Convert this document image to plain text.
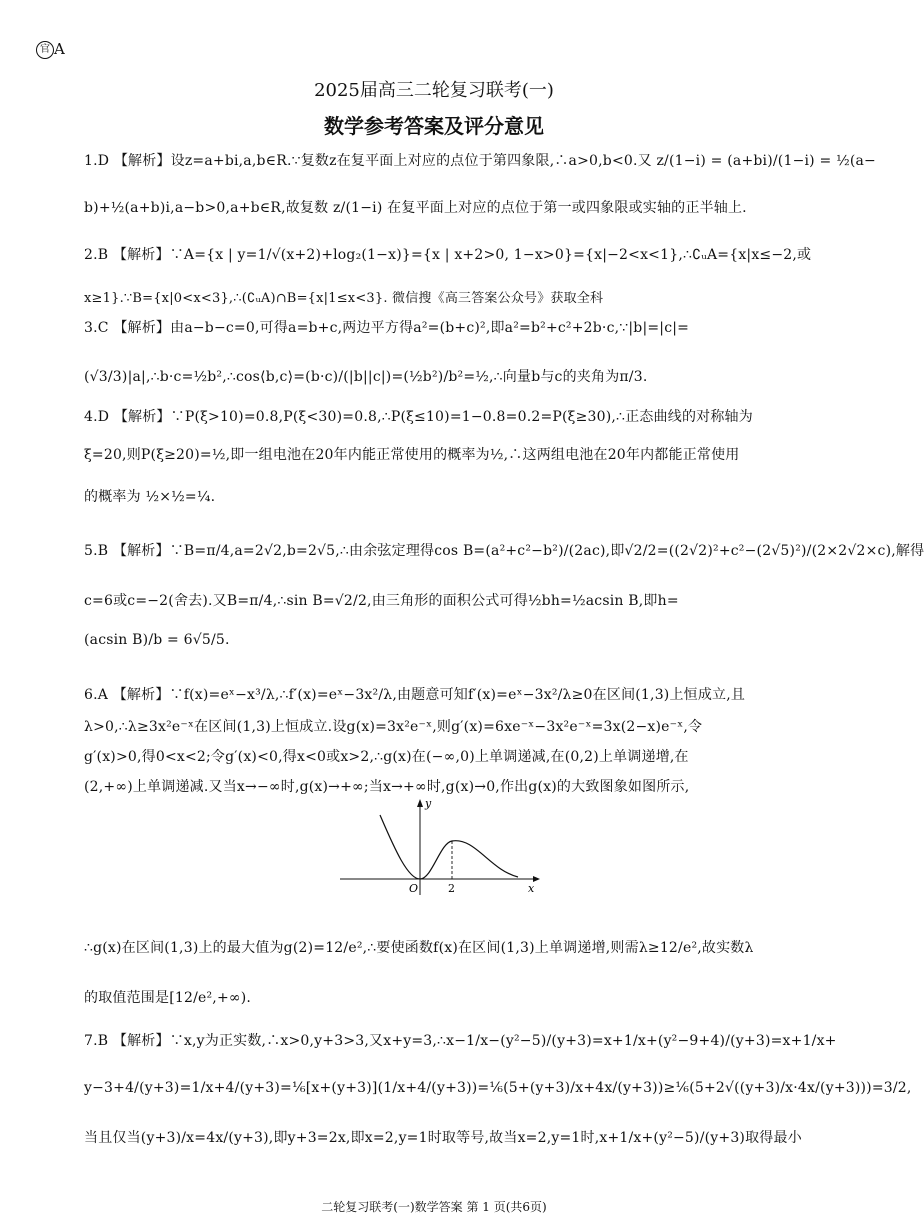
官 A
2025届高三二轮复习联考(一)
数学参考答案及评分意见
1.D 【解析】设z=a+bi,a,b∈R.∵复数z在复平面上对应的点位于第四象限,∴a>0,b<0.又 z/(1−i) = (a+bi)/(1−i) = ½(a−
b)+½(a+b)i,a−b>0,a+b∈R,故复数 z/(1−i) 在复平面上对应的点位于第一或四象限或实轴的正半轴上.
2.B 【解析】∵A={x | y=1/√(x+2)+log₂(1−x)}={x | x+2>0, 1−x>0}={x|−2<x<1},∴∁ᵤA={x|x≤−2,或
x≥1}.∵B={x|0<x<3},∴(∁ᵤA)∩B={x|1≤x<3}. 微信搜《高三答案公众号》获取全科
3.C 【解析】由a−b−c=0,可得a=b+c,两边平方得a²=(b+c)²,即a²=b²+c²+2b·c,∵|b|=|c|=
(√3/3)|a|,∴b·c=½b²,∴cos⟨b,c⟩=(b·c)/(|b||c|)=(½b²)/b²=½,∴向量b与c的夹角为π/3.
4.D 【解析】∵P(ξ>10)=0.8,P(ξ<30)=0.8,∴P(ξ≤10)=1−0.8=0.2=P(ξ≥30),∴正态曲线的对称轴为
ξ=20,则P(ξ≥20)=½,即一组电池在20年内能正常使用的概率为½,∴这两组电池在20年内都能正常使用
的概率为 ½×½=¼.
5.B 【解析】∵B=π/4,a=2√2,b=2√5,∴由余弦定理得cos B=(a²+c²−b²)/(2ac),即√2/2=((2√2)²+c²−(2√5)²)/(2×2√2×c),解得
c=6或c=−2(舍去).又B=π/4,∴sin B=√2/2,由三角形的面积公式可得½bh=½acsin B,即h=
(acsin B)/b = 6√5/5.
6.A 【解析】∵f(x)=eˣ−x³/λ,∴f′(x)=eˣ−3x²/λ,由题意可知f′(x)=eˣ−3x²/λ≥0在区间(1,3)上恒成立,且
λ>0,∴λ≥3x²e⁻ˣ在区间(1,3)上恒成立.设g(x)=3x²e⁻ˣ,则g′(x)=6xe⁻ˣ−3x²e⁻ˣ=3x(2−x)e⁻ˣ,令
g′(x)>0,得0<x<2;令g′(x)<0,得x<0或x>2,∴g(x)在(−∞,0)上单调递减,在(0,2)上单调递增,在
(2,+∞)上单调递减.又当x→−∞时,g(x)→+∞;当x→+∞时,g(x)→0,作出g(x)的大致图象如图所示,
y
x
O	2
∴g(x)在区间(1,3)上的最大值为g(2)=12/e²,∴要使函数f(x)在区间(1,3)上单调递增,则需λ≥12/e²,故实数λ
的取值范围是[12/e²,+∞).
7.B 【解析】∵x,y为正实数,∴x>0,y+3>3,又x+y=3,∴x−1/x−(y²−5)/(y+3)=x+1/x+(y²−9+4)/(y+3)=x+1/x+
y−3+4/(y+3)=1/x+4/(y+3)=⅙[x+(y+3)](1/x+4/(y+3))=⅙(5+(y+3)/x+4x/(y+3))≥⅙(5+2√((y+3)/x·4x/(y+3)))=3/2,
当且仅当(y+3)/x=4x/(y+3),即y+3=2x,即x=2,y=1时取等号,故当x=2,y=1时,x+1/x+(y²−5)/(y+3)取得最小
二轮复习联考(一)数学答案 第 1 页(共6页)
